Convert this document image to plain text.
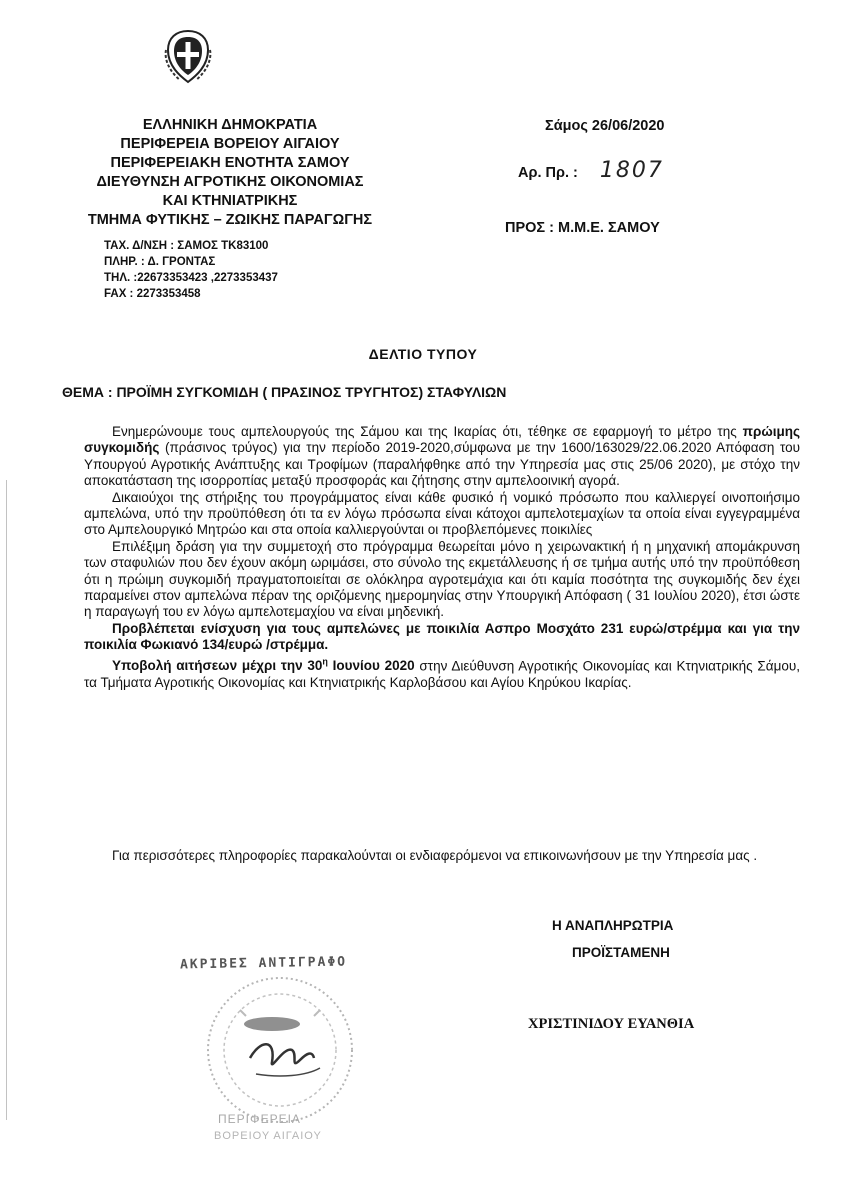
ΕΛΛΗΝΙΚΗ ΔΗΜΟΚΡΑΤΙΑ
ΠΕΡΙΦΕΡΕΙΑ ΒΟΡΕΙΟΥ ΑΙΓΑΙΟΥ
ΠΕΡΙΦΕΡΕΙΑΚΗ ΕΝΟΤΗΤΑ ΣΑΜΟΥ
ΔΙΕΥΘΥΝΣΗ ΑΓΡΟΤΙΚΗΣ ΟΙΚΟΝΟΜΙΑΣ
ΚΑΙ ΚΤΗΝΙΑΤΡΙΚΗΣ
ΤΜΗΜΑ ΦΥΤΙΚΗΣ – ΖΩΙΚΗΣ ΠΑΡΑΓΩΓΗΣ
ΤΑΧ. Δ/ΝΣΗ : ΣΑΜΟΣ ΤΚ83100
ΠΛΗΡ. : Δ. ΓΡΟΝΤΑΣ
ΤΗΛ. :22673353423 ,2273353437
FAX : 2273353458
Σάμος 26/06/2020
Αρ. Πρ. : 1807
ΠΡΟΣ : Μ.Μ.Ε. ΣΑΜΟΥ
ΔΕΛΤΙΟ ΤΥΠΟΥ
ΘΕΜΑ : ΠΡΟΪΜΗ ΣΥΓΚΟΜΙΔΗ ( ΠΡΑΣΙΝΟΣ ΤΡΥΓΗΤΟΣ) ΣΤΑΦΥΛΙΩΝ

Ενημερώνουμε τους αμπελουργούς της Σάμου και της Ικαρίας ότι, τέθηκε σε εφαρμογή το μέτρο της πρώιμης συγκομιδής (πράσινος τρύγος) για την περίοδο 2019-2020,σύμφωνα με την 1600/163029/22.06.2020 Απόφαση του Υπουργού Αγροτικής Ανάπτυξης και Τροφίμων (παραλήφθηκε από την Υπηρεσία μας στις 25/06 2020), με στόχο την αποκατάσταση της ισορροπίας μεταξύ προσφοράς και ζήτησης στην αμπελοοινική αγορά.

Δικαιούχοι της στήριξης του προγράμματος είναι κάθε φυσικό ή νομικό πρόσωπο που καλλιεργεί οινοποιήσιμο αμπελώνα, υπό την προϋπόθεση ότι τα εν λόγω πρόσωπα είναι κάτοχοι αμπελοτεμαχίων τα οποία είναι εγγεγραμμένα στο Αμπελουργικό Μητρώο και στα οποία καλλιεργούνται οι προβλεπόμενες ποικιλίες

Επιλέξιμη δράση για την συμμετοχή στο πρόγραμμα θεωρείται μόνο η χειρωνακτική ή η μηχανική απομάκρυνση των σταφυλιών που δεν έχουν ακόμη ωριμάσει, στο σύνολο της εκμετάλλευσης ή σε τμήμα αυτής υπό την προϋπόθεση ότι η πρώιμη συγκομιδή πραγματοποιείται σε ολόκληρα αγροτεμάχια και ότι καμία ποσότητα της συγκομιδής δεν έχει παραμείνει στον αμπελώνα πέραν της οριζόμενης ημερομηνίας στην Υπουργική Απόφαση ( 31 Ιουλίου 2020), έτσι ώστε η παραγωγή του εν λόγω αμπελοτεμαχίου να είναι μηδενική.

Προβλέπεται ενίσχυση για τους αμπελώνες με ποικιλία Ασπρο Μοσχάτο 231 ευρώ/στρέμμα και για την ποικιλία Φωκιανό 134/ευρώ /στρέμμα.

Υποβολή αιτήσεων μέχρι την $30^\eta$ Ιουνίου 2020 στην Διεύθυνση Αγροτικής Οικονομίας και Κτηνιατρικής Σάμου, τα Τμήματα Αγροτικής Οικονομίας και Κτηνιατρικής Καρλοβάσου και Αγίου Κηρύκου Ικαρίας.

Για περισσότερες πληροφορίες παρακαλούνται οι ενδιαφερόμενοι να επικοινωνήσουν με την Υπηρεσία μας .

Η ΑΝΑΠΛΗΡΩΤΡΙΑ
ΠΡΟΪΣΤΑΜΕΝΗ
ΧΡΙΣΤΙΝΙΔΟΥ ΕΥΑΝΘΙΑ
ΑΚΡΙΒΕΣ ΑΝΤΙΓΡΑΦΟ
ΠΕΡΙΦΕΡΕΙΑ
ΒΟΡΕΙΟΥ ΑΙΓΑΙΟΥ
